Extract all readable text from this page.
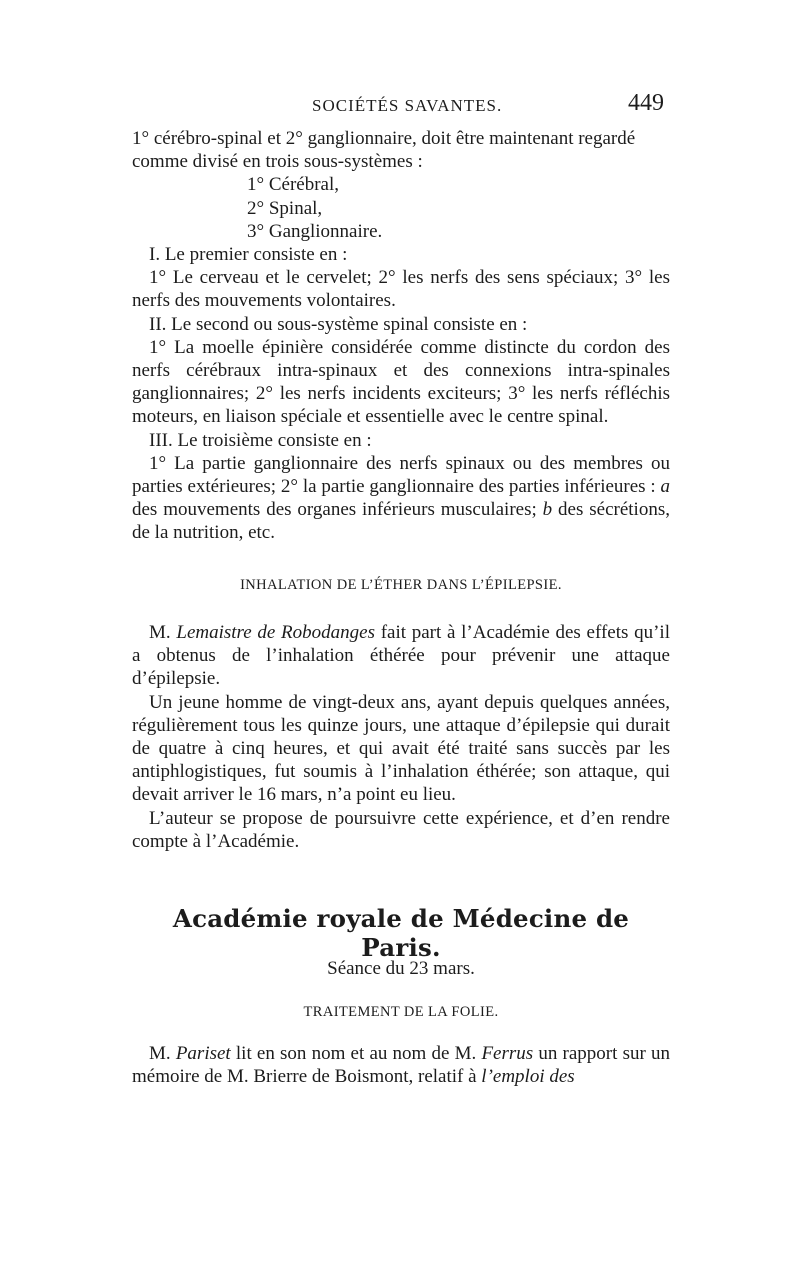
SOCIÉTÉS SAVANTES.	449

1° cérébro-spinal et 2° ganglionnaire, doit être maintenant regardé

comme divisé en trois sous-systèmes :

1° Cérébral,

2° Spinal,

3° Ganglionnaire.

I. Le premier consiste en :

1° Le cerveau et le cervelet; 2° les nerfs des sens spéciaux; 3° les nerfs des mouvements volontaires.

II. Le second ou sous-système spinal consiste en :

1° La moelle épinière considérée comme distincte du cordon des nerfs cérébraux intra-spinaux et des connexions intra-spinales ganglionnaires; 2° les nerfs incidents exciteurs; 3° les nerfs réfléchis moteurs, en liaison spéciale et essentielle avec le centre spinal.

III. Le troisième consiste en :

1° La partie ganglionnaire des nerfs spinaux ou des membres ou parties extérieures; 2° la partie ganglionnaire des parties inférieures : a des mouvements des organes inférieurs musculaires; b des sécrétions, de la nutrition, etc.

INHALATION DE L’ÉTHER DANS L’ÉPILEPSIE.

M. Lemaistre de Robodanges fait part à l’Académie des effets qu’il a obtenus de l’inhalation éthérée pour prévenir une attaque d’épilepsie.

Un jeune homme de vingt-deux ans, ayant depuis quelques années, régulièrement tous les quinze jours, une attaque d’épilepsie qui durait de quatre à cinq heures, et qui avait été traité sans succès par les antiphlogistiques, fut soumis à l’inhalation éthérée; son attaque, qui devait arriver le 16 mars, n’a point eu lieu.

L’auteur se propose de poursuivre cette expérience, et d’en rendre compte à l’Académie.

Académie royale de Médecine de Paris.
Séance du 23 mars.
TRAITEMENT DE LA FOLIE.

M. Pariset lit en son nom et au nom de M. Ferrus un rapport sur un mémoire de M. Brierre de Boismont, relatif à l’emploi des
